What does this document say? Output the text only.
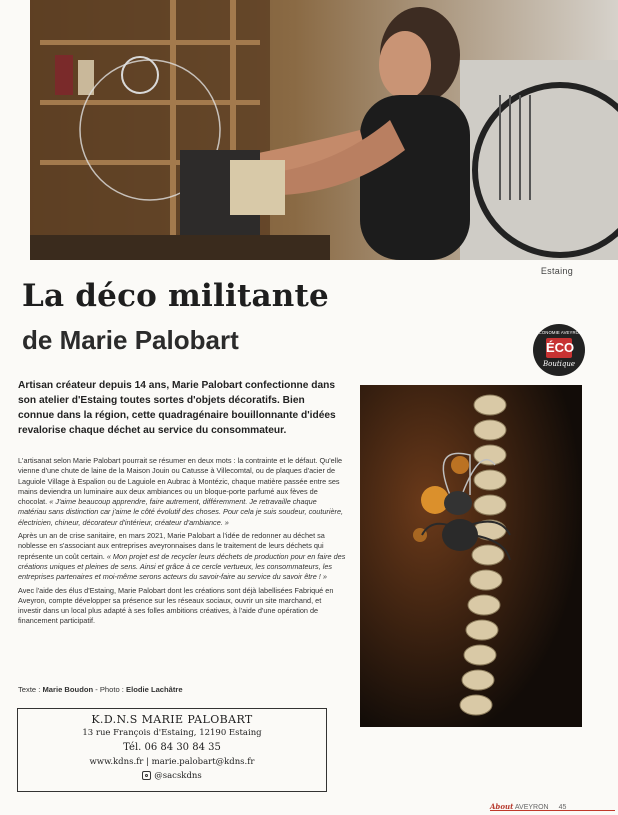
Estaing
La déco militante
de Marie Palobart	ÉCONOMIE AVEYRON
ÉCO
Boutique

Artisan créateur depuis 14 ans, Marie Palobart confectionne dans son atelier d'Estaing toutes sortes d'objets décoratifs. Bien connue dans la région, cette quadragénaire bouillonnante d'idées revalorise chaque déchet au service du consommateur.

L'artisanat selon Marie Palobart pourrait se résumer en deux mots : la contrainte et le défaut. Qu'elle vienne d'une chute de laine de la Maison Jouin ou Catusse à Villecomtal, ou de plaques d'acier de Laguiole Village à Espalion ou de Laguiole en Aubrac à Montézic, chaque matière passée entre ses mains deviendra un luminaire aux deux ambiances ou un bloque-porte parfumé aux fèves de chocolat. « J'aime beaucoup apprendre, faire autrement, différemment. Je retravaille chaque matériau sans distinction car j'aime le côté évolutif des choses. Pour cela je suis soudeur, couturière, électricien, chineur, décorateur d'intérieur, créateur d'ambiance. »

Après un an de crise sanitaire, en mars 2021, Marie Palobart a l'idée de redonner au déchet sa noblesse en s'associant aux entreprises aveyronnaises dans le traitement de leurs déchets qui représente un coût certain. « Mon projet est de recycler leurs déchets de production pour en faire des créations uniques et pleines de sens. Ainsi et grâce à ce cercle vertueux, les consommateurs, les entreprises partenaires et moi-même serons acteurs du savoir-faire au service du savoir être ! »

Avec l'aide des élus d'Estaing, Marie Palobart dont les créations sont déjà labellisées Fabriqué en Aveyron, compte développer sa présence sur les réseaux sociaux, ouvrir un site marchand, et investir dans un local plus adapté à ses folles ambitions créatives, à l'aide d'une opération de financement participatif.

Texte : Marie Boudon - Photo : Elodie Lachâtre
K.D.N.S MARIE PALOBART
13 rue François d'Estaing, 12190 Estaing
Tél. 06 84 30 84 35
www.kdns.fr | marie.palobart@kdns.fr
@sacskdns
About AVEYRON 45
